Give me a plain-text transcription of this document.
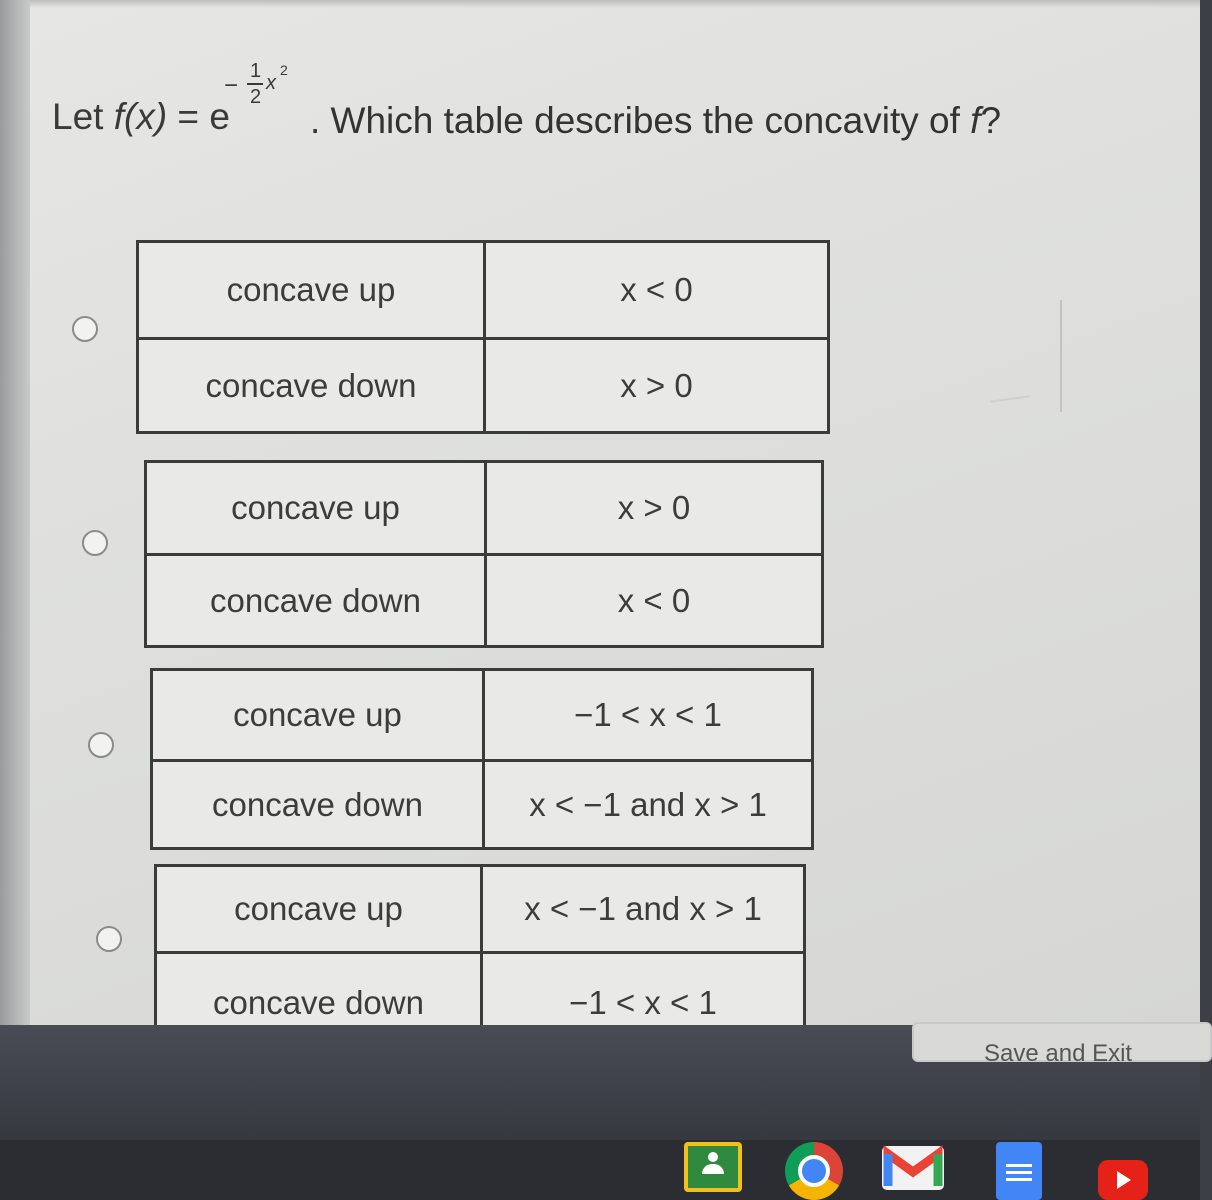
Let f(x) = e
−
1
2
x
2
. Which table describes the concavity of f?
concave up	x < 0
concave down	x > 0
concave up	x > 0
concave down	x < 0
concave up	−1 < x < 1
concave down	x < −1 and x > 1
concave up	x < −1 and x > 1
concave down	−1 < x < 1
Save and Exit
